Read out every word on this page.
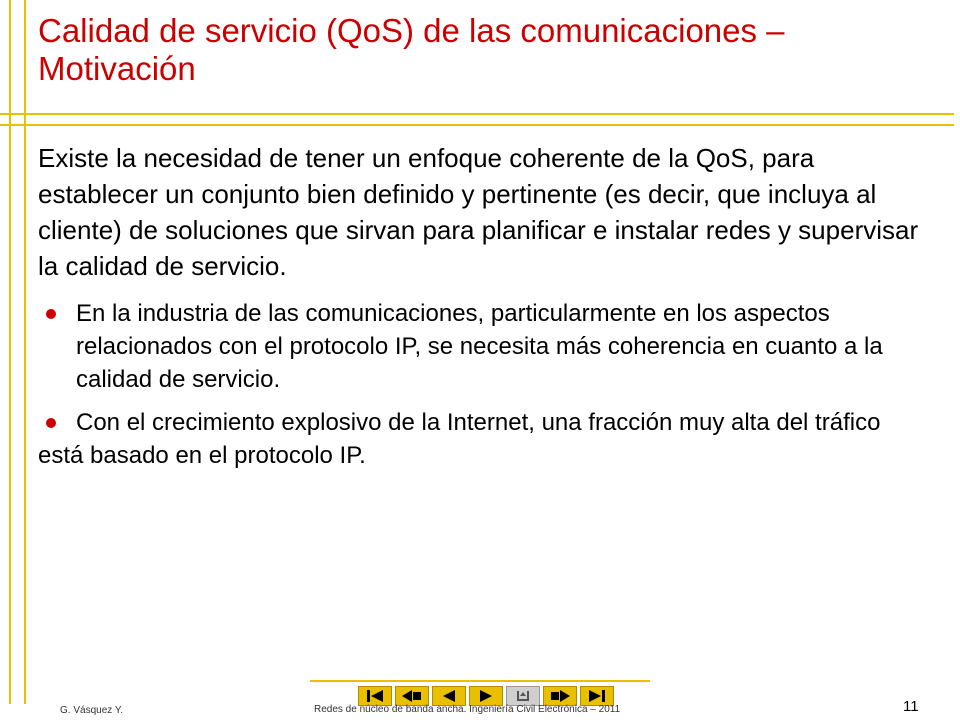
Calidad de servicio (QoS) de las comunicaciones – Motivación
Existe la necesidad de tener un enfoque coherente de la QoS, para establecer un conjunto bien definido y pertinente (es decir, que incluya al cliente) de soluciones que sirvan para planificar e instalar redes y supervisar la calidad de servicio.
En la industria de las comunicaciones, particularmente en los aspectos relacionados con el protocolo IP, se necesita más coherencia en cuanto a la calidad de servicio.
Con el crecimiento explosivo de la Internet, una fracción muy alta del tráfico está basado en el protocolo IP.
G. Vásquez Y.	Redes de núcleo de banda ancha. Ingeniería Civil Electrónica – 2011	11
